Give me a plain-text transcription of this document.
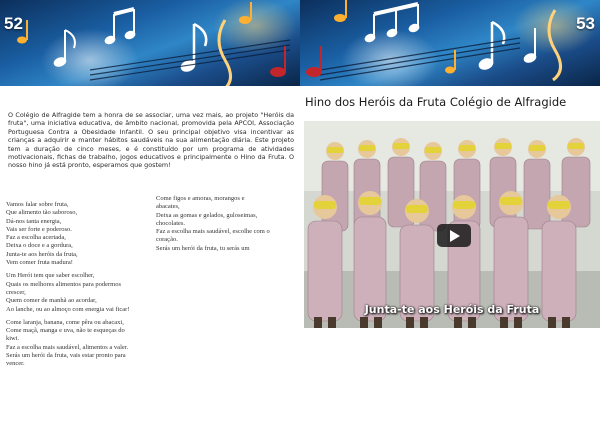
52

O Colégio de Alfragide tem a honra de se associar, uma vez mais, ao projeto "Heróis da fruta", uma iniciativa educativa, de âmbito nacional, promovida pela APCOI, Associação Portuguesa Contra a Obesidade Infantil. O seu principal objetivo visa incentivar as crianças a adquirir e manter hábitos saudáveis na sua alimentação diária. Este projeto tem a duração de cinco meses, e é constituído por um programa de atividades motivacionais, fichas de trabalho, jogos educativos e principalmente o Hino da Fruta. O nosso hino já está pronto, esperamos que gostem!

Vamos falar sobre fruta,
Que alimento tão saboroso,
Dá-nos tanta energia,
Vais ser forte e poderoso.
Faz a escolha acertada,
Deixa o doce e a gordura,
Junta-te aos heróis da fruta,
Vem comer fruta madura!
Um Herói tem que saber escolher,
Quais os melhores alimentos para podermos
crescer,
Quem comer de manhã ao acordar,
Ao lanche, ou ao almoço com energia vai ficar!
Come laranja, banana, come pêra ou abacaxi,
Come maçã, manga e uva, não te esqueças do
kiwi.
Faz a escolha mais saudável, alimentos a valer.
Serás um herói da fruta, vais estar pronto para
vencer.
Come figos e amoras, morangos e
abacates,
Deixa as gomas e gelados, guloseimas,
chocolates.
Faz a escolha mais saudável, escolhe com o
coração.
Serás um herói da fruta, tu serás um
53
Hino dos Heróis da Fruta Colégio de Alfragide
Junta-te aos Heróis da Fruta
